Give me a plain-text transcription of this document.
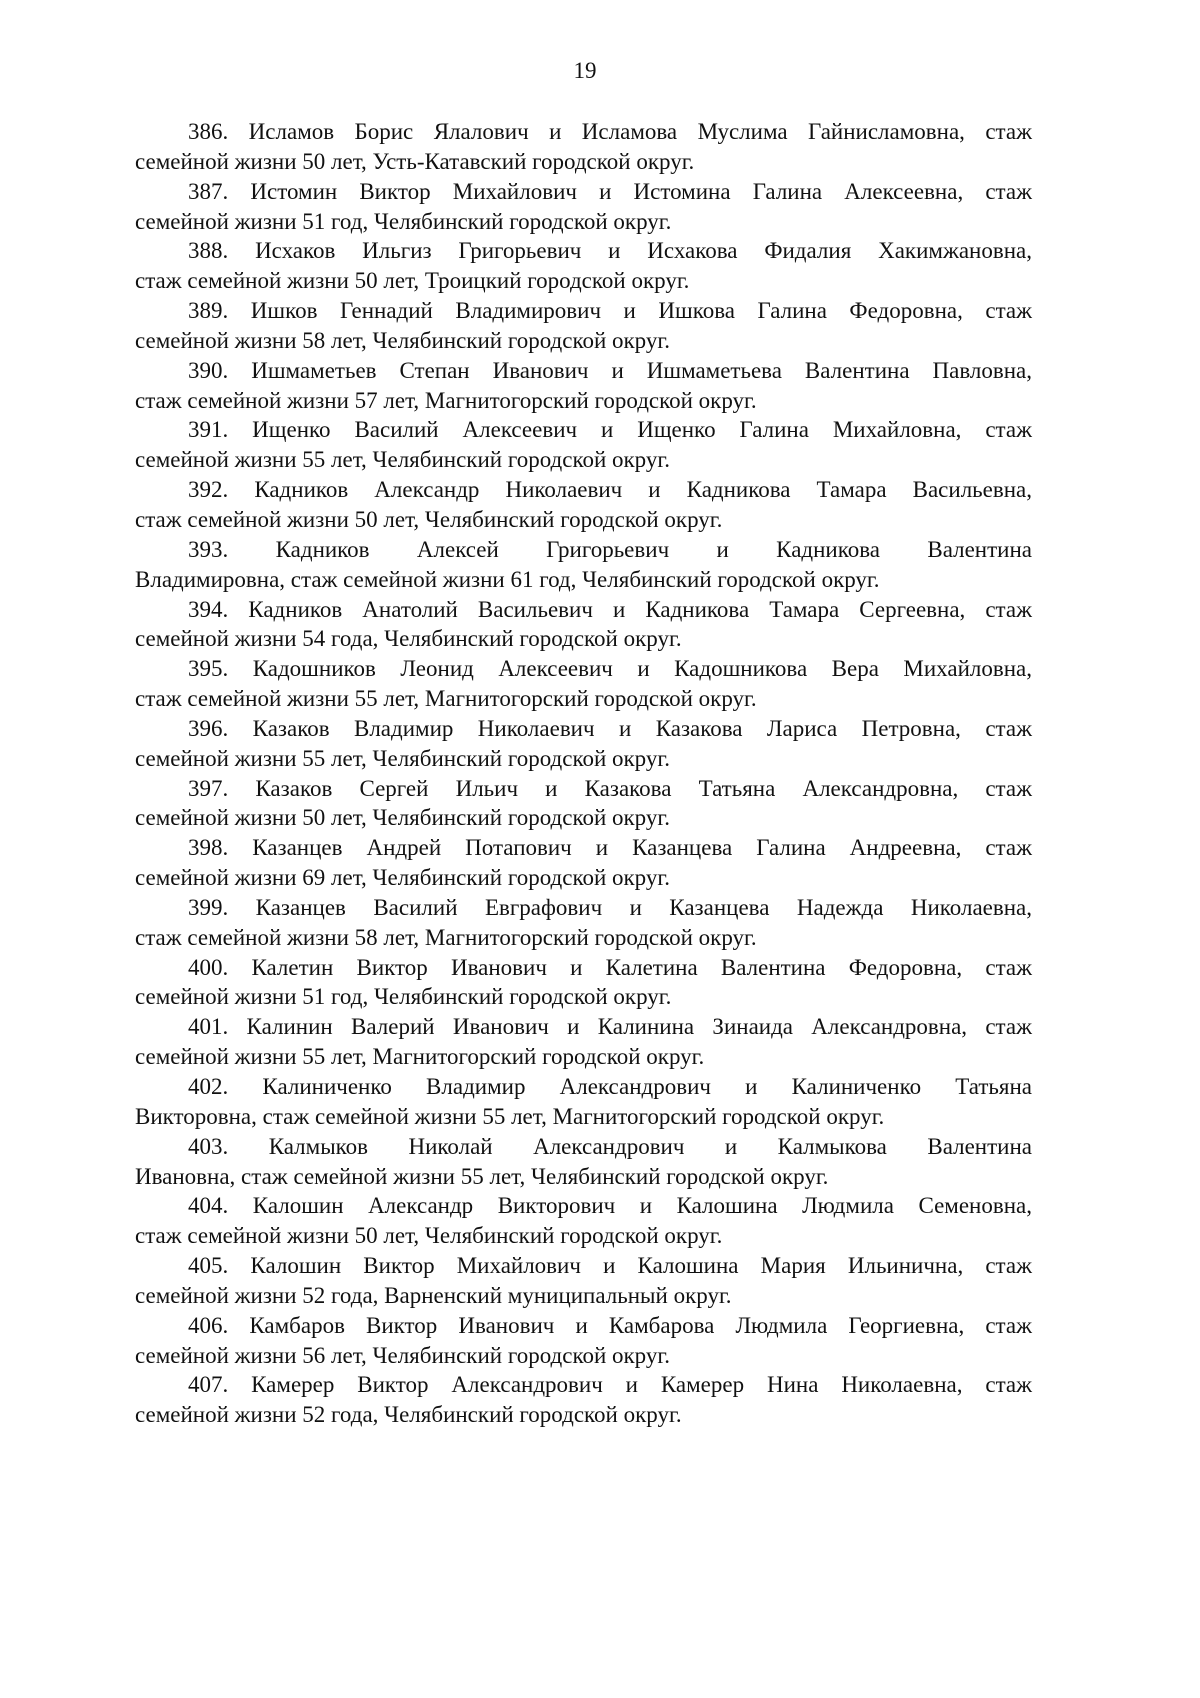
19

386. Исламов Борис Ялалович и Исламова Муслима Гайнисламовна, стаж
семейной жизни 50 лет, Усть-Катавский городской округ.

387. Истомин Виктор Михайлович и Истомина Галина Алексеевна, стаж
семейной жизни 51 год, Челябинский городской округ.

388. Исхаков Ильгиз Григорьевич и Исхакова Фидалия Хакимжановна,
стаж семейной жизни 50 лет, Троицкий городской округ.

389. Ишков Геннадий Владимирович и Ишкова Галина Федоровна, стаж
семейной жизни 58 лет, Челябинский городской округ.

390. Ишмаметьев Степан Иванович и Ишмаметьева Валентина Павловна,
стаж семейной жизни 57 лет, Магнитогорский городской округ.

391. Ищенко Василий Алексеевич и Ищенко Галина Михайловна, стаж
семейной жизни 55 лет, Челябинский городской округ.

392. Кадников Александр Николаевич и Кадникова Тамара Васильевна,
стаж семейной жизни 50 лет, Челябинский городской округ.

393. Кадников Алексей Григорьевич и Кадникова Валентина
Владимировна, стаж семейной жизни 61 год, Челябинский городской округ.

394. Кадников Анатолий Васильевич и Кадникова Тамара Сергеевна, стаж
семейной жизни 54 года, Челябинский городской округ.

395. Кадошников Леонид Алексеевич и Кадошникова Вера Михайловна,
стаж семейной жизни 55 лет, Магнитогорский городской округ.

396. Казаков Владимир Николаевич и Казакова Лариса Петровна, стаж
семейной жизни 55 лет, Челябинский городской округ.

397. Казаков Сергей Ильич и Казакова Татьяна Александровна, стаж
семейной жизни 50 лет, Челябинский городской округ.

398. Казанцев Андрей Потапович и Казанцева Галина Андреевна, стаж
семейной жизни 69 лет, Челябинский городской округ.

399. Казанцев Василий Евграфович и Казанцева Надежда Николаевна,
стаж семейной жизни 58 лет, Магнитогорский городской округ.

400. Калетин Виктор Иванович и Калетина Валентина Федоровна, стаж
семейной жизни 51 год, Челябинский городской округ.

401. Калинин Валерий Иванович и Калинина Зинаида Александровна, стаж
семейной жизни 55 лет, Магнитогорский городской округ.

402. Калиниченко Владимир Александрович и Калиниченко Татьяна
Викторовна, стаж семейной жизни 55 лет, Магнитогорский городской округ.

403. Калмыков Николай Александрович и Калмыкова Валентина
Ивановна, стаж семейной жизни 55 лет, Челябинский городской округ.

404. Калошин Александр Викторович и Калошина Людмила Семеновна,
стаж семейной жизни 50 лет, Челябинский городской округ.

405. Калошин Виктор Михайлович и Калошина Мария Ильинична, стаж
семейной жизни 52 года, Варненский муниципальный округ.

406. Камбаров Виктор Иванович и Камбарова Людмила Георгиевна, стаж
семейной жизни 56 лет, Челябинский городской округ.

407. Камерер Виктор Александрович и Камерер Нина Николаевна, стаж
семейной жизни 52 года, Челябинский городской округ.
